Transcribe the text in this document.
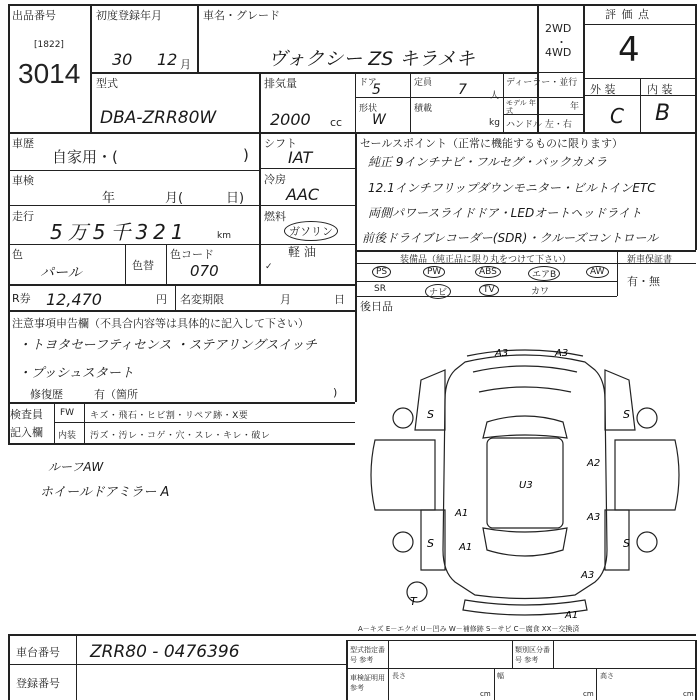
出品番号
[1822]
3014
初度登録年月
30 12 月
車名・グレード
ヴォクシー ZS キラメキ
2WD
・
4WD
評 価 点
4
型式
DBA-ZRR80W
排気量
2000 cc
ドア
5	定員 7	人
形状
W
積載
kg
ディーラー・並行
モデル 年式	年
ハンドル 左・右
外 装	内 装
C B
車歴
自家用・(	)
車検
年	月(	日)
走行
5万5千321	km
色
パール	色替
色コード
070
シフト
IAT
冷房
AAC
燃料
ガソリン
軽 油
✓
R券 12,470	円 名変期限	月	日
セールスポイント（正常に機能するものに限ります）
純正 9インチナビ・フルセグ・バックカメラ
12.1インチフリップダウンモニター・ビルトインETC
両側パワースライドドア・LEDオートヘッドライト
前後ドライブレコーダー(SDR)・クルーズコントロール
装備品（純正品に限り丸をつけて下さい）	新車保証書
有・無
PS	PW	ABS	エアB	AW
SR	ナビ	TV	カワ
後日品
注意事項申告欄（不具合内容等は具体的に記入して下さい）
・トヨタセーフティセンス ・ステアリングスイッチ
・プッシュスタート
修復歴	有（箇所	)
検査員 記入欄
FW キズ・飛石・ヒビ割・リペア跡・X要
内装 汚ズ・汚レ・コゲ・穴・スレ・キレ・破レ
ルーフAW
ホイールドアミラー A
A3	A3
S	S
A2
U3
A1	A3
A1
S	S
A3
T
A1
A－キズ E－エクボ U－凹み W－補修跡 S－サビ C－腐食 XX－交換済
車台番号 ZRR80 - 0476396
登録番号
型式指定番号 参考
類別区分番号 参考
車検証明用 参考
長さ	幅	高さ
cm	cm	cm
